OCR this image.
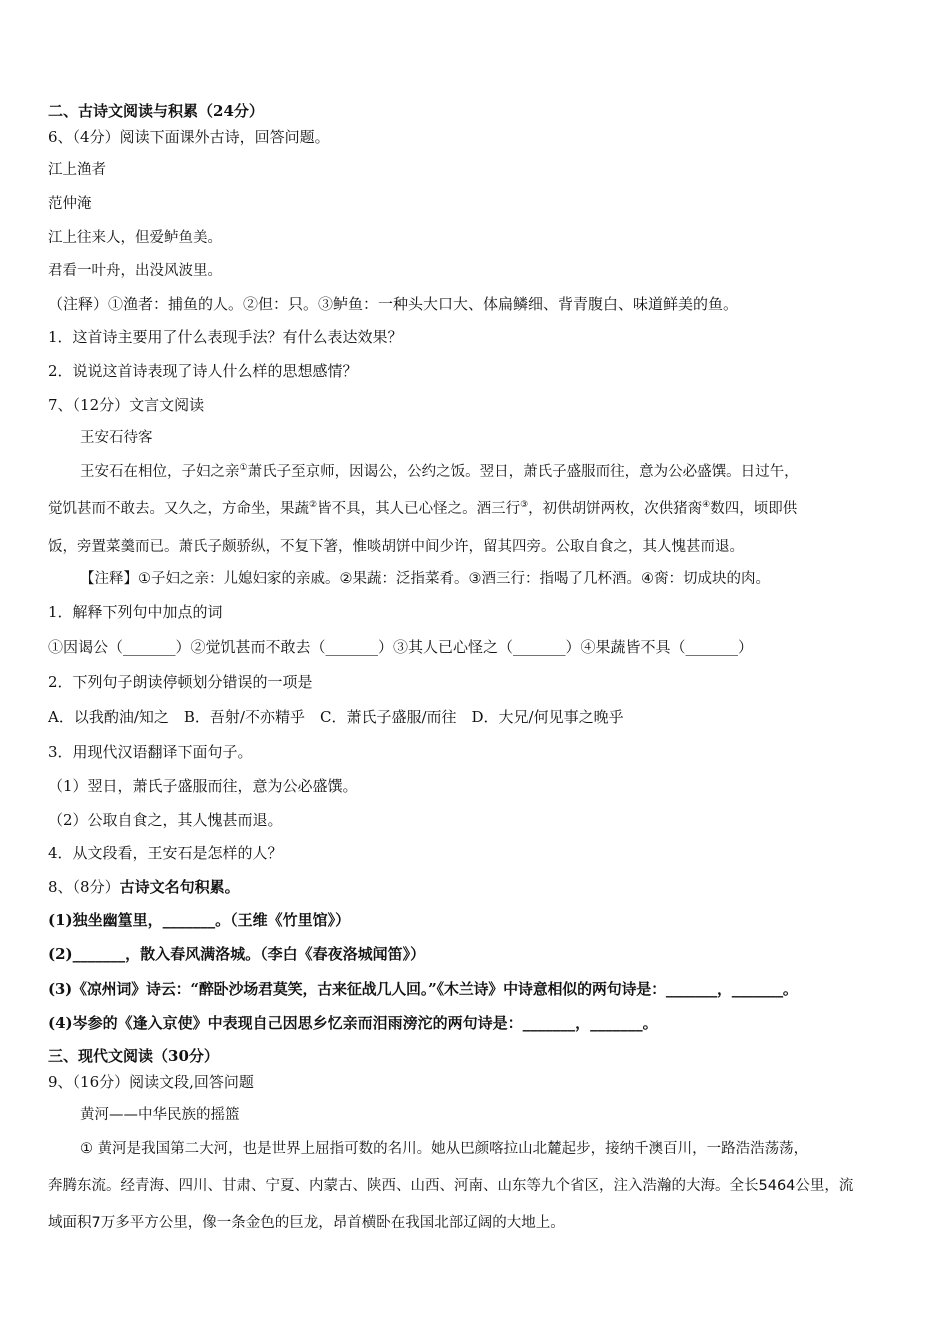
二、古诗文阅读与积累（24分）
6、（4分）阅读下面课外古诗，回答问题。
江上渔者
范仲淹
江上往来人，但爱鲈鱼美。
君看一叶舟，出没风波里。
（注释）①渔者：捕鱼的人。②但：只。③鲈鱼：一种头大口大、体扁鳞细、背青腹白、味道鲜美的鱼。
1．这首诗主要用了什么表现手法？有什么表达效果？
2．说说这首诗表现了诗人什么样的思想感情？
7、（12分）文言文阅读
王安石待客
王安石在相位，子妇之亲①萧氏子至京师，因谒公，公约之饭。翌日，萧氏子盛服而往，意为公必盛馔。日过午，
觉饥甚而不敢去。又久之，方命坐，果蔬②皆不具，其人已心怪之。酒三行③，初供胡饼两枚，次供猪脔④数四，顷即供
饭，旁置菜羹而已。萧氏子颇骄纵，不复下箸，惟啖胡饼中间少许，留其四旁。公取自食之，其人愧甚而退。
【注释】①子妇之亲：儿媳妇家的亲戚。②果蔬：泛指菜肴。③酒三行：指喝了几杯酒。④脔：切成块的肉。
1．解释下列句中加点的词
①因谒公（_______）②觉饥甚而不敢去（_______）③其人已心怪之（_______）④果蔬皆不具（_______）
2．下列句子朗读停顿划分错误的一项是
A．以我酌油/知之　B．吾射/不亦精乎　C．萧氏子盛服/而往　D．大兄/何见事之晚乎
3．用现代汉语翻译下面句子。
（1）翌日，萧氏子盛服而往，意为公必盛馔。
（2）公取自食之，其人愧甚而退。
4．从文段看，王安石是怎样的人？
8、（8分）古诗文名句积累。
(1)独坐幽篁里，_______。（王维《竹里馆》）
(2)_______，散入春风满洛城。（李白《春夜洛城闻笛》）
(3)《凉州词》诗云：“醉卧沙场君莫笑，古来征战几人回。”《木兰诗》中诗意相似的两句诗是：_______，_______。
(4)岑参的《逢入京使》中表现自己因思乡忆亲而泪雨滂沱的两句诗是：_______，_______。
三、现代文阅读（30分）
9、（16分）阅读文段,回答问题
黄河——中华民族的摇篮
① 黄河是我国第二大河，也是世界上屈指可数的名川。她从巴颜喀拉山北麓起步，接纳千澳百川，一路浩浩荡荡，
奔腾东流。经青海、四川、甘肃、宁夏、内蒙古、陕西、山西、河南、山东等九个省区，注入浩瀚的大海。全长5464公里，流
域面积7万多平方公里，像一条金色的巨龙，昂首横卧在我国北部辽阔的大地上。
